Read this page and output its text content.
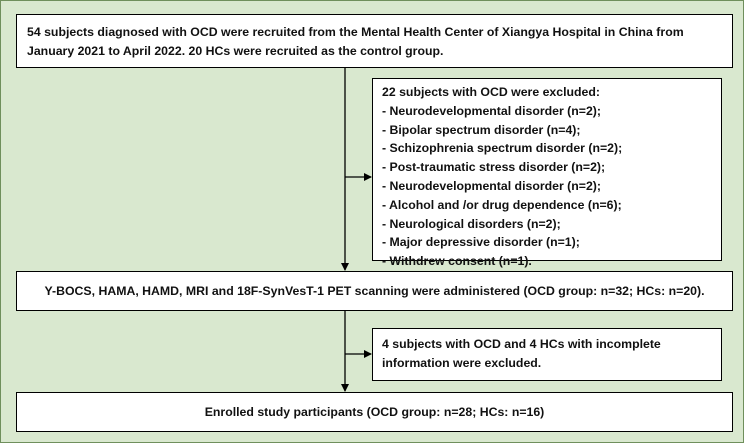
54 subjects diagnosed with OCD were recruited from the Mental Health Center of Xiangya Hospital in China from
January 2021 to April 2022. 20 HCs were recruited as the control group.
22 subjects with OCD were excluded:
- Neurodevelopmental disorder (n=2);
- Bipolar spectrum disorder (n=4);
- Schizophrenia spectrum disorder (n=2);
- Post-traumatic stress disorder (n=2);
- Neurodevelopmental disorder (n=2);
- Alcohol and /or drug dependence (n=6);
- Neurological disorders (n=2);
- Major depressive disorder (n=1);
- Withdrew consent (n=1).
Y-BOCS, HAMA, HAMD, MRI and 18F-SynVesT-1 PET scanning were administered (OCD group: n=32; HCs: n=20).
4 subjects with OCD and 4 HCs with incomplete
information were excluded.
Enrolled study participants (OCD group: n=28; HCs: n=16)
